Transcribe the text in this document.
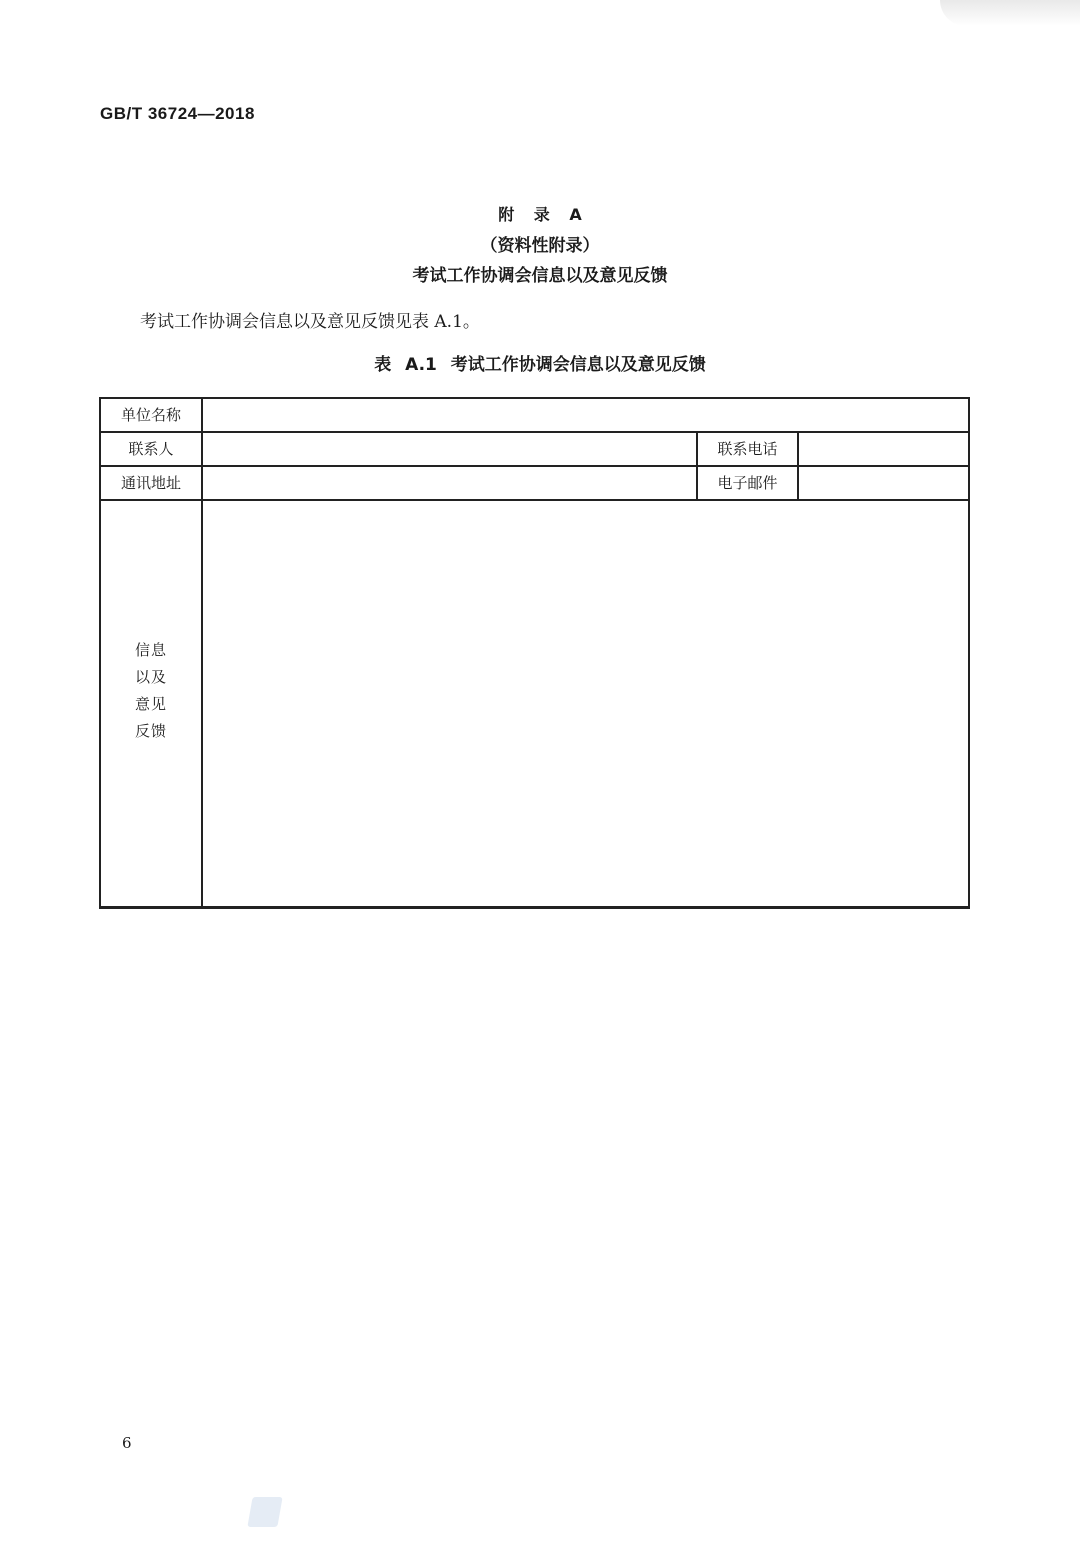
GB/T 36724—2018
附 录 A
（资料性附录）
考试工作协调会信息以及意见反馈
考试工作协调会信息以及意见反馈见表 A.1。
表 A.1 考试工作协调会信息以及意见反馈
单位名称
联系人	联系电话
通讯地址	电子邮件
信息
以及
意见
反馈
6
